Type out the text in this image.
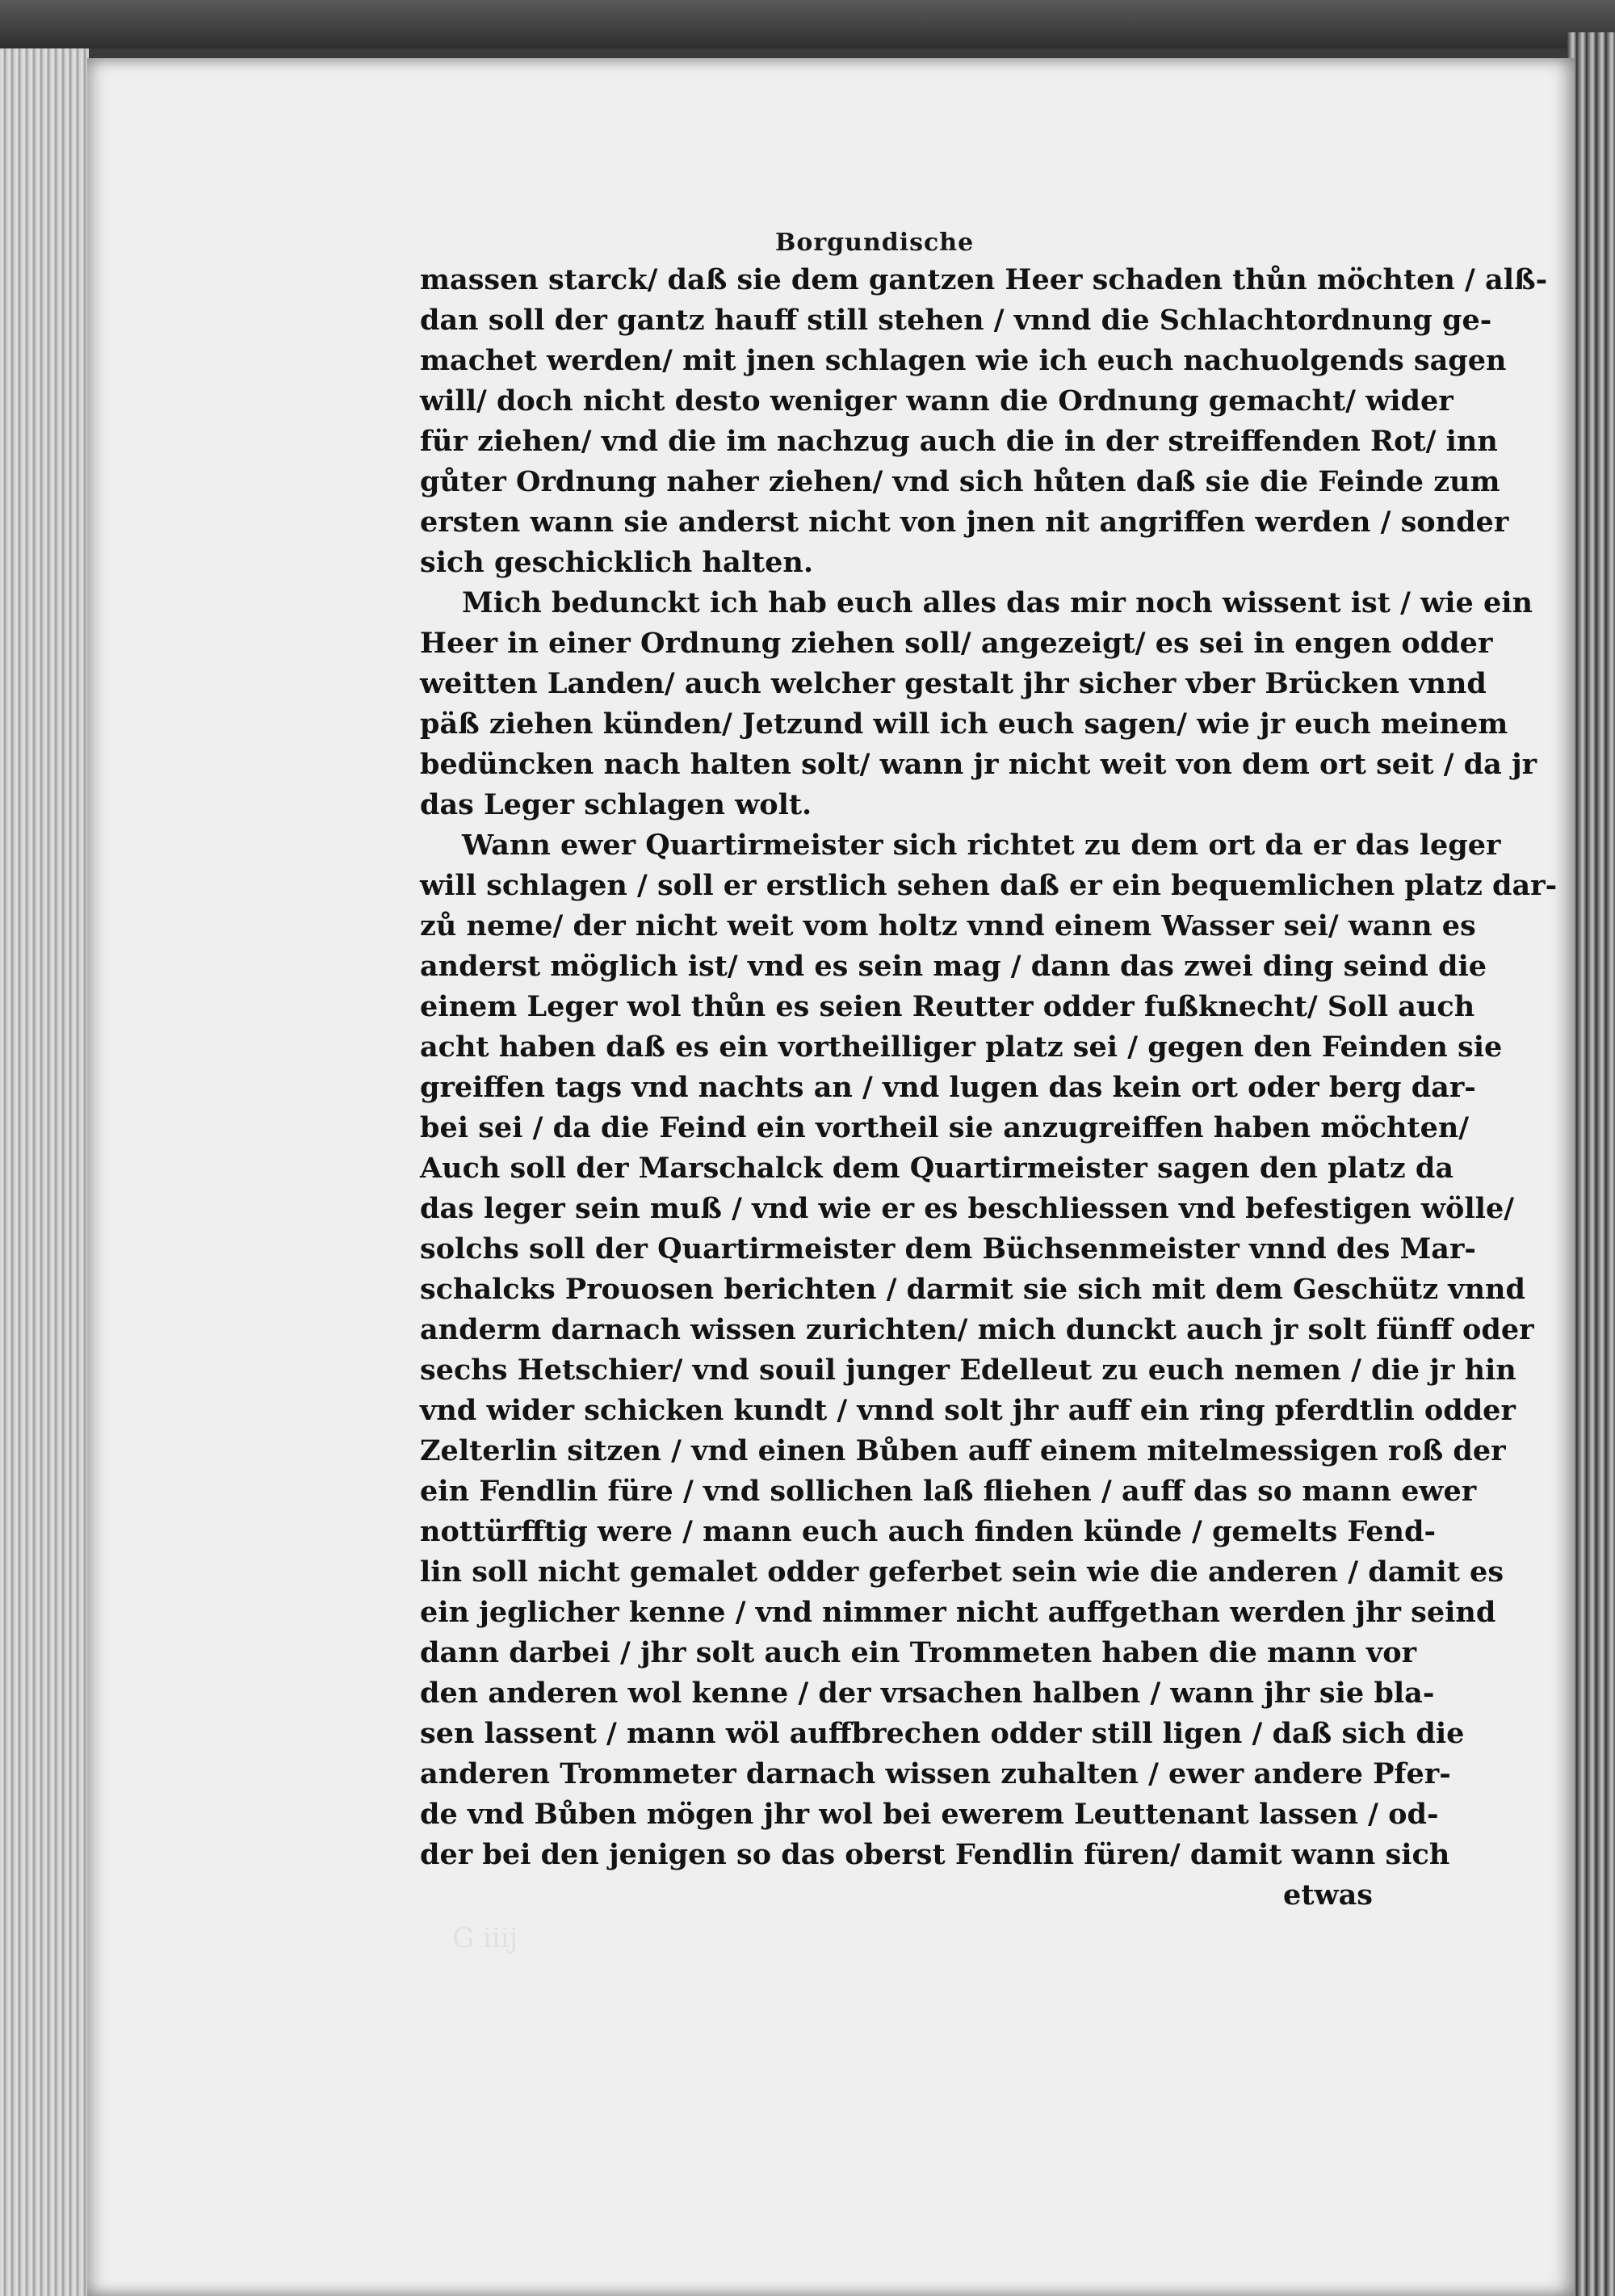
Borgundische
massen starck/ daß sie dem gantzen Heer schaden thůn möchten / alß-
dan soll der gantz hauff still stehen / vnnd die Schlachtordnung ge-
machet werden/ mit jnen schlagen wie ich euch nachuolgends sagen
will/ doch nicht desto weniger wann die Ordnung gemacht/ wider
für ziehen/ vnd die im nachzug auch die in der streiffenden Rot/ inn
gůter Ordnung naher ziehen/ vnd sich hůten daß sie die Feinde zum
ersten wann sie anderst nicht von jnen nit angriffen werden / sonder
sich geschicklich halten.
Mich bedunckt ich hab euch alles das mir noch wissent ist / wie ein
Heer in einer Ordnung ziehen soll/ angezeigt/ es sei in engen odder
weitten Landen/ auch welcher gestalt jhr sicher vber Brücken vnnd
päß ziehen künden/ Jetzund will ich euch sagen/ wie jr euch meinem
bedüncken nach halten solt/ wann jr nicht weit von dem ort seit / da jr
das Leger schlagen wolt.
Wann ewer Quartirmeister sich richtet zu dem ort da er das leger
will schlagen / soll er erstlich sehen daß er ein bequemlichen platz dar-
zů neme/ der nicht weit vom holtz vnnd einem Wasser sei/ wann es
anderst möglich ist/ vnd es sein mag / dann das zwei ding seind die
einem Leger wol thůn es seien Reutter odder fußknecht/ Soll auch
acht haben daß es ein vortheilliger platz sei / gegen den Feinden sie
greiffen tags vnd nachts an / vnd lugen das kein ort oder berg dar-
bei sei / da die Feind ein vortheil sie anzugreiffen haben möchten/
Auch soll der Marschalck dem Quartirmeister sagen den platz da
das leger sein muß / vnd wie er es beschliessen vnd befestigen wölle/
solchs soll der Quartirmeister dem Büchsenmeister vnnd des Mar-
schalcks Prouosen berichten / darmit sie sich mit dem Geschütz vnnd
anderm darnach wissen zurichten/ mich dunckt auch jr solt fünff oder
sechs Hetschier/ vnd souil junger Edelleut zu euch nemen / die jr hin
vnd wider schicken kundt / vnnd solt jhr auff ein ring pferdtlin odder
Zelterlin sitzen / vnd einen Bůben auff einem mitelmessigen roß der
ein Fendlin füre / vnd sollichen laß fliehen / auff das so mann ewer
nottürfftig were / mann euch auch finden künde / gemelts Fend-
lin soll nicht gemalet odder geferbet sein wie die anderen / damit es
ein jeglicher kenne / vnd nimmer nicht auffgethan werden jhr seind
dann darbei / jhr solt auch ein Trommeten haben die mann vor
den anderen wol kenne / der vrsachen halben / wann jhr sie bla-
sen lassent / mann wöl auffbrechen odder still ligen / daß sich die
anderen Trommeter darnach wissen zuhalten / ewer andere Pfer-
de vnd Bůben mögen jhr wol bei ewerem Leuttenant lassen / od-
der bei den jenigen so das oberst Fendlin füren/ damit wann sich
etwas
G iiij
